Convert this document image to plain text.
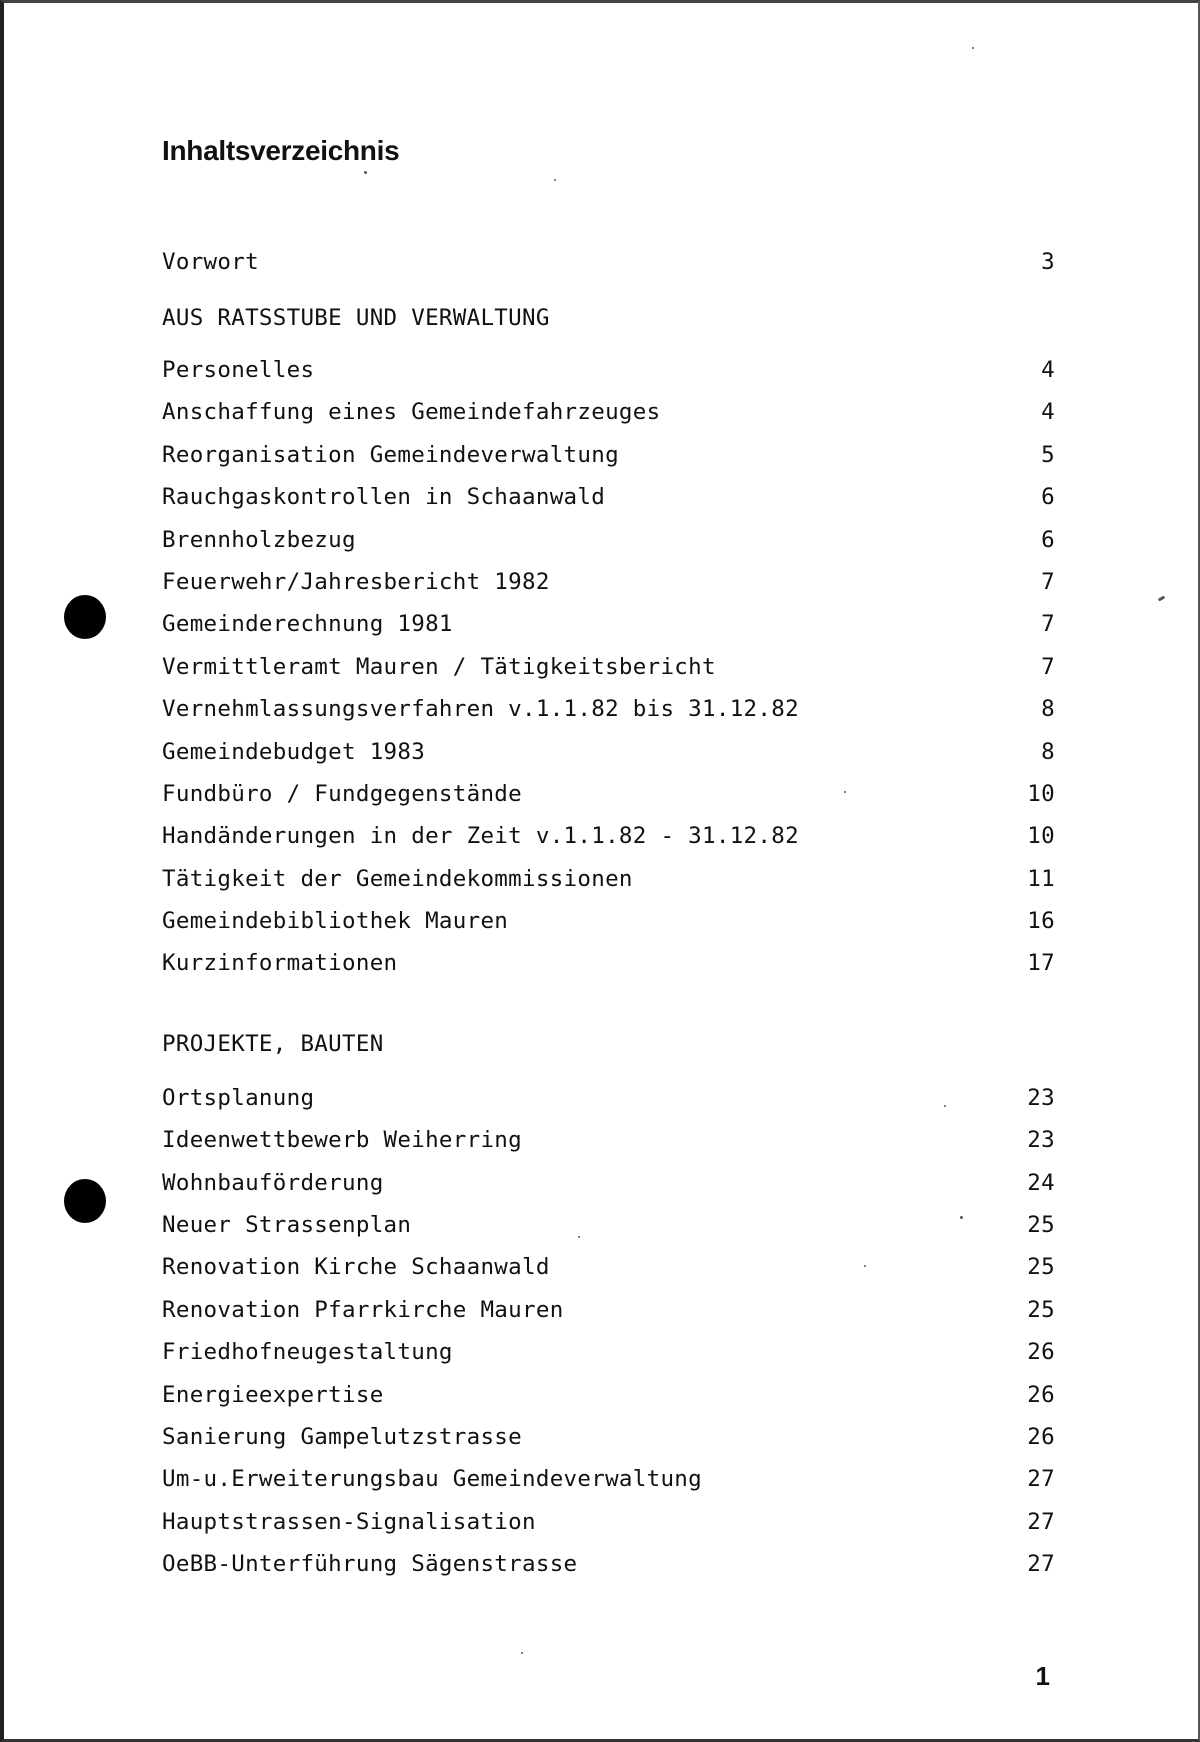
Inhaltsverzeichnis
Vorwort	3
AUS RATSSTUBE UND VERWALTUNG
Personelles	4
Anschaffung eines Gemeindefahrzeuges	4
Reorganisation Gemeindeverwaltung	5
Rauchgaskontrollen in Schaanwald	6
Brennholzbezug	6
Feuerwehr/Jahresbericht 1982	7
Gemeinderechnung 1981	7
Vermittleramt Mauren / Tätigkeitsbericht	7
Vernehmlassungsverfahren v.1.1.82 bis 31.12.82	8
Gemeindebudget 1983	8
Fundbüro / Fundgegenstände	10
Handänderungen in der Zeit v.1.1.82 - 31.12.82	10
Tätigkeit der Gemeindekommissionen	11
Gemeindebibliothek Mauren	16
Kurzinformationen	17
PROJEKTE, BAUTEN
Ortsplanung	23
Ideenwettbewerb Weiherring	23
Wohnbauförderung	24
Neuer Strassenplan	25
Renovation Kirche Schaanwald	25
Renovation Pfarrkirche Mauren	25
Friedhofneugestaltung	26
Energieexpertise	26
Sanierung Gampelutzstrasse	26
Um-u.Erweiterungsbau Gemeindeverwaltung	27
Hauptstrassen-Signalisation	27
OeBB-Unterführung Sägenstrasse	27
1
